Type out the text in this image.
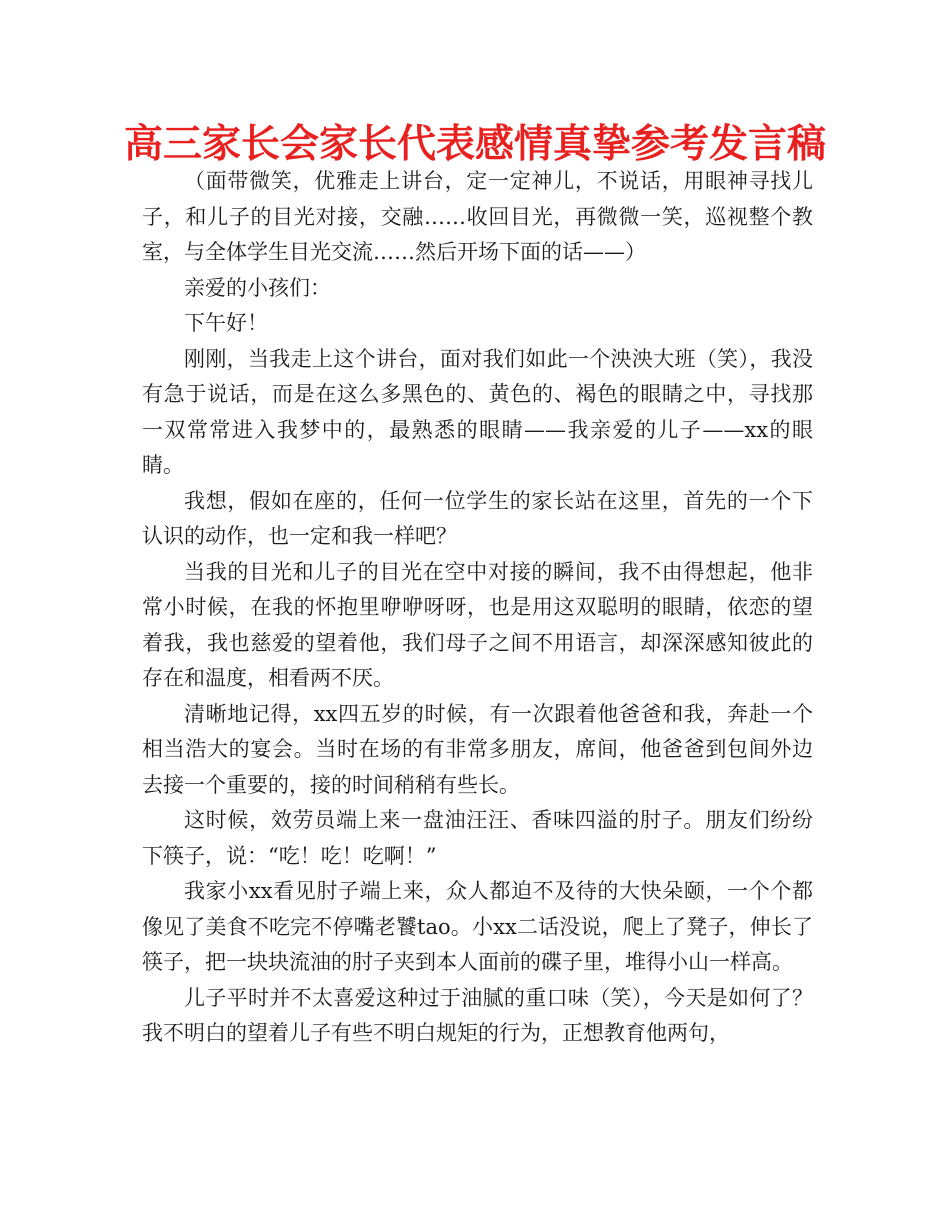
高三家长会家长代表感情真挚参考发言稿

（面带微笑，优雅走上讲台，定一定神儿，不说话，用眼神寻找儿子，和儿子的目光对接，交融……收回目光，再微微一笑，巡视整个教室，与全体学生目光交流……然后开场下面的话——）

亲爱的小孩们：

下午好！

刚刚，当我走上这个讲台，面对我们如此一个泱泱大班（笑），我没有急于说话，而是在这么多黑色的、黄色的、褐色的眼睛之中，寻找那一双常常进入我梦中的，最熟悉的眼睛——我亲爱的儿子——xx的眼睛。

我想，假如在座的，任何一位学生的家长站在这里，首先的一个下认识的动作，也一定和我一样吧？

当我的目光和儿子的目光在空中对接的瞬间，我不由得想起，他非常小时候，在我的怀抱里咿咿呀呀，也是用这双聪明的眼睛，依恋的望着我，我也慈爱的望着他，我们母子之间不用语言，却深深感知彼此的存在和温度，相看两不厌。

清晰地记得，xx四五岁的时候，有一次跟着他爸爸和我，奔赴一个相当浩大的宴会。当时在场的有非常多朋友，席间，他爸爸到包间外边去接一个重要的，接的时间稍稍有些长。

这时候，效劳员端上来一盘油汪汪、香味四溢的肘子。朋友们纷纷下筷子，说：“吃！吃！吃啊！”

我家小xx看见肘子端上来，众人都迫不及待的大快朵颐，一个个都像见了美食不吃完不停嘴老饕tao。小xx二话没说，爬上了凳子，伸长了筷子，把一块块流油的肘子夹到本人面前的碟子里，堆得小山一样高。

儿子平时并不太喜爱这种过于油腻的重口味（笑），今天是如何了？我不明白的望着儿子有些不明白规矩的行为，正想教育他两句，
